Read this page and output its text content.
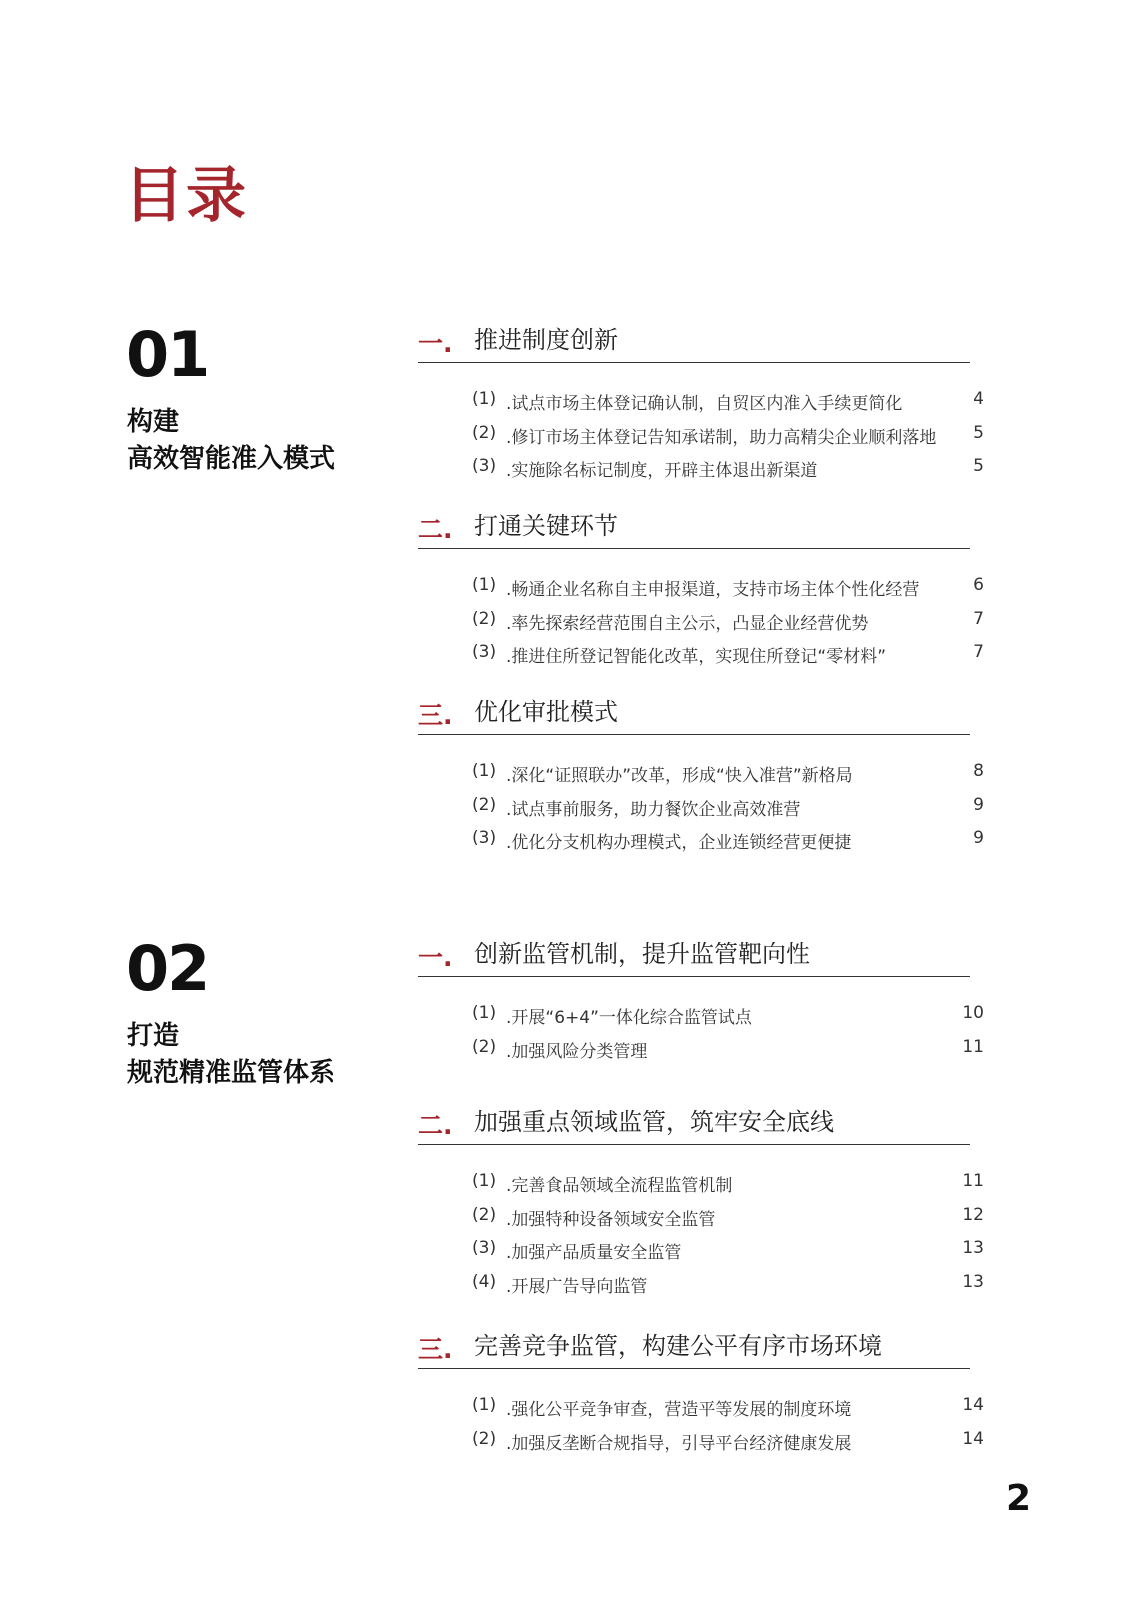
目录
01
构建
高效智能准入模式
一. 推进制度创新
(1) .试点市场主体登记确认制，自贸区内准入手续更简化	4
(2) .修订市场主体登记告知承诺制，助力高精尖企业顺利落地 5
(3) .实施除名标记制度，开辟主体退出新渠道	5
二. 打通关键环节
(1) .畅通企业名称自主申报渠道，支持市场主体个性化经营	6
(2) .率先探索经营范围自主公示，凸显企业经营优势	7
(3) .推进住所登记智能化改革，实现住所登记“零材料”	7
三. 优化审批模式
(1) .深化“证照联办”改革，形成“快入准营”新格局	8
(2) .试点事前服务，助力餐饮企业高效准营	9
(3) .优化分支机构办理模式，企业连锁经营更便捷	9
02
打造
规范精准监管体系
一. 创新监管机制，提升监管靶向性
(1) .开展“6+4”一体化综合监管试点	10
(2) .加强风险分类管理	11
二. 加强重点领域监管，筑牢安全底线
(1) .完善食品领域全流程监管机制	11
(2) .加强特种设备领域安全监管	12
(3) .加强产品质量安全监管	13
(4) .开展广告导向监管	13
三. 完善竞争监管，构建公平有序市场环境
(1) .强化公平竞争审查，营造平等发展的制度环境	14
(2) .加强反垄断合规指导，引导平台经济健康发展	14
2
